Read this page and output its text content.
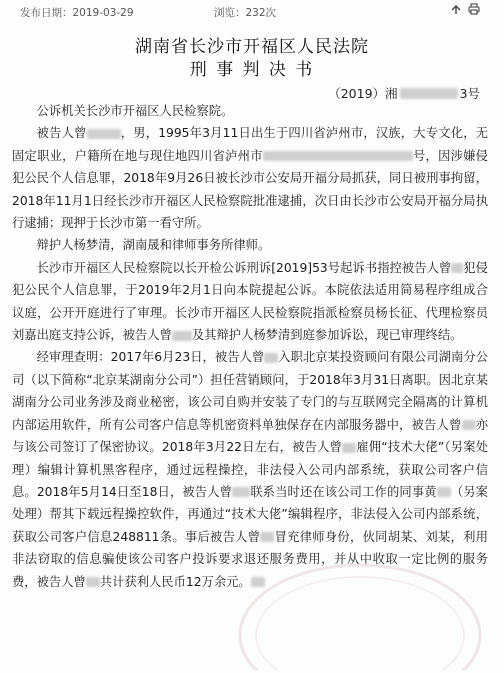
发布日期：2019-03-29	浏览：232次
湖南省长沙市开福区人民法院
刑 事 判 决 书
（2019）湘	3号

公诉机关长沙市开福区人民检察院。

被告人曾	，男，1995年3月11日出生于四川省泸州市，汉族，大专文化，无固定职业，户籍所在地与现住地四川省泸州市	号，因涉嫌侵犯公民个人信息罪，2018年9月26日被长沙市公安局开福分局抓获，同日被刑事拘留，2018年11月1日经长沙市开福区人民检察院批准逮捕，次日由长沙市公安局开福分局执行逮捕；现押于长沙市第一看守所。

辩护人杨梦清，湖南晟和律师事务所律师。

长沙市开福区人民检察院以长开检公诉刑诉[2019]53号起诉书指控被告人曾 犯侵犯公民个人信息罪，于2019年2月1日向本院提起公诉。本院依法适用简易程序组成合议庭，公开开庭进行了审理。长沙市开福区人民检察院指派检察员杨长征、代理检察员刘嘉出庭支持公诉，被告人曾 及其辩护人杨梦清到庭参加诉讼，现已审理终结。

经审理查明：2017年6月23日，被告人曾 入职北京某投资顾问有限公司湖南分公司（以下简称“北京某湖南分公司”）担任营销顾问，于2018年3月31日离职。因北京某湖南分公司业务涉及商业秘密，该公司自购并安装了专门的与互联网完全隔离的计算机内部运用软件，所有公司客户信息等机密资料单独保存在内部服务器中，被告人曾 亦与该公司签订了保密协议。2018年3月22日左右，被告人曾 雇佣“技术大佬”（另案处理）编辑计算机黑客程序，通过远程操控，非法侵入公司内部系统，获取公司客户信息。2018年5月14日至18日，被告人曾 联系当时还在该公司工作的同事黄 （另案处理）帮其下载远程操控软件，再通过“技术大佬”编辑程序，非法侵入公司内部系统，获取公司客户信息248811条。事后被告人曾 冒充律师身份，伙同胡某、刘某，利用非法窃取的信息骗使该公司客户投诉要求退还服务费用，并从中收取一定比例的服务费，被告人曾 共计获利人民币12万余元。
